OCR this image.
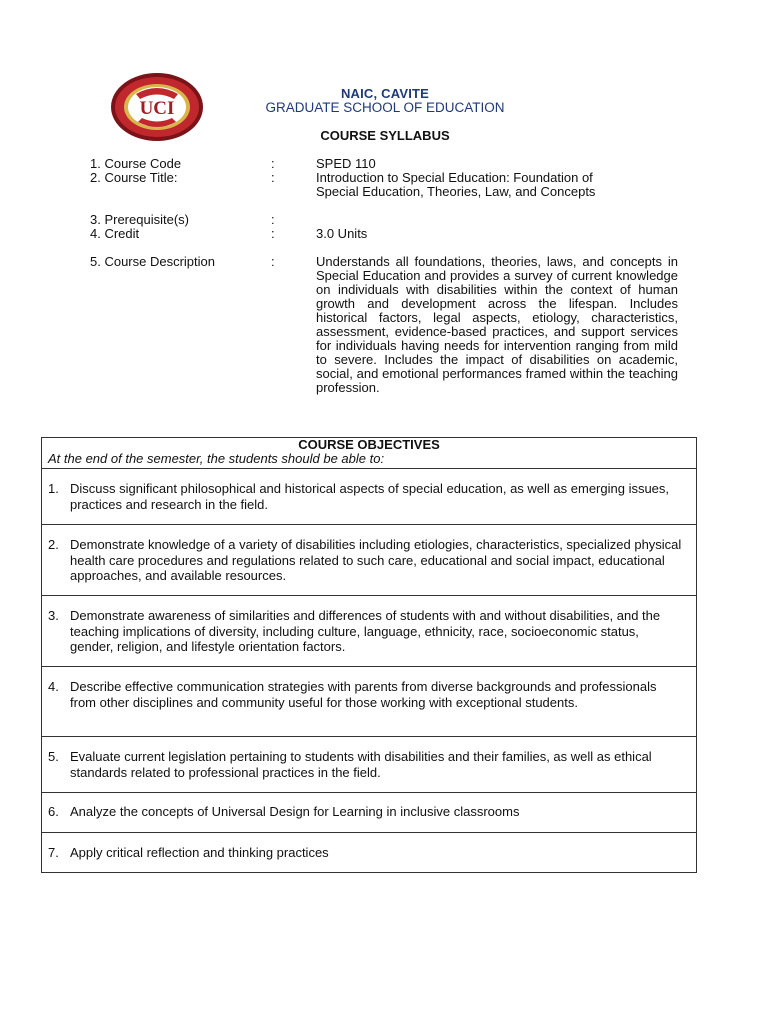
UCI
NAIC, CAVITE
GRADUATE SCHOOL OF EDUCATION
COURSE SYLLABUS
1. Course Code	:	SPED 110
2. Course Title:	:	Introduction to Special Education: Foundation of
Special Education, Theories, Law, and Concepts
3. Prerequisite(s)	:
4. Credit	:	3.0 Units
5. Course Description	:	Understands all foundations, theories, laws, and concepts in Special Education and provides a survey of current knowledge on individuals with disabilities within the context of human growth and development across the lifespan. Includes historical factors, legal aspects, etiology, characteristics, assessment, evidence-based practices, and support services for individuals having needs for intervention ranging from mild to severe. Includes the impact of disabilities on academic, social, and emotional performances framed within the teaching profession.
COURSE OBJECTIVES
At the end of the semester, the students should be able to:
1. Discuss significant philosophical and historical aspects of special education, as well as emerging issues, practices and research in the field.
2. Demonstrate knowledge of a variety of disabilities including etiologies, characteristics, specialized physical health care procedures and regulations related to such care, educational and social impact, educational approaches, and available resources.
3. Demonstrate awareness of similarities and differences of students with and without disabilities, and the teaching implications of diversity, including culture, language, ethnicity, race, socioeconomic status, gender, religion, and lifestyle orientation factors.
4. Describe effective communication strategies with parents from diverse backgrounds and professionals from other disciplines and community useful for those working with exceptional students.
5. Evaluate current legislation pertaining to students with disabilities and their families, as well as ethical standards related to professional practices in the field.
6. Analyze the concepts of Universal Design for Learning in inclusive classrooms
7. Apply critical reflection and thinking practices
